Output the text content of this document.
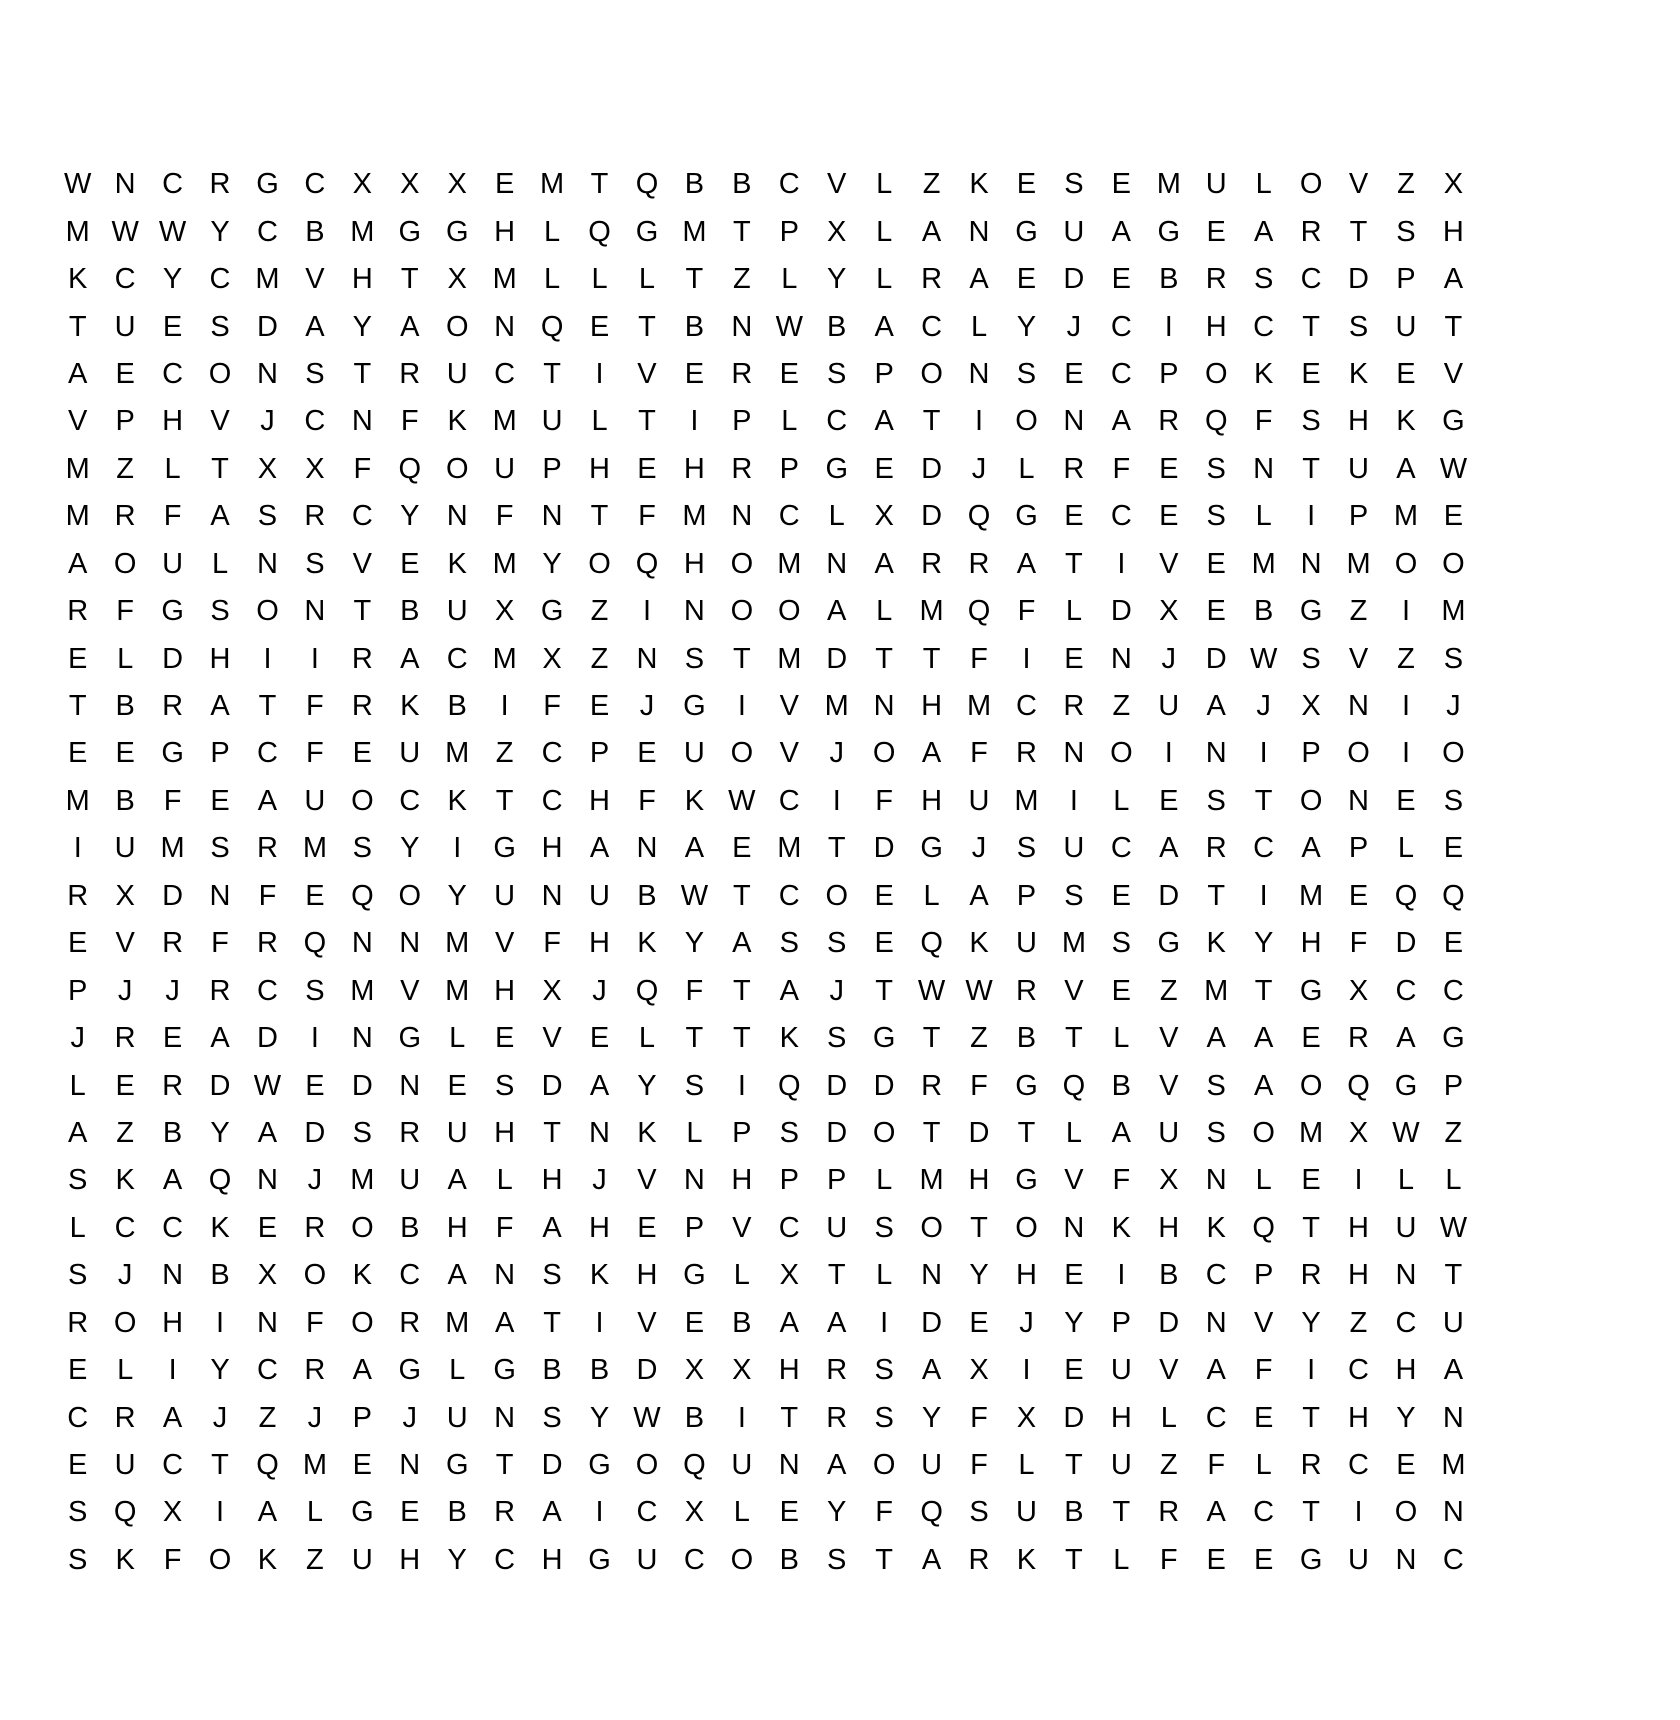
W N C R G C X X X E M T Q B B C V	L	Z K E S E M U L O V Z X
M W W Y C B M G G H L Q G M T P X	L	A N G U A G E A R T S H
K C Y C M V H T X M L	L	L	T	Z	L	Y	L R A E D E B R S C D P A
T U E S D A Y A O N Q E T B N W B A C L	Y	J	C	I	H C T S U T
A E C O N S T R U C T	I	V E R E S P O N S E C P O K E K E V
V P H V	J	C N F K M U L	T	I	P	L C A T	I	O N A R Q F S H K G
M Z	L	T X X F Q O U P H E H R P G E D	J	L R F E S N T U A W
M R F A S R C Y N F N T	F M N C L	X D Q G E C E S	L	I	P M E
A O U L N S V E K M Y O Q H O M N A R R A T	I	V E M N M O O
R F G S O N T B U X G Z	I	N O O A	L M Q F	L D X E B G Z	I	M
E	L D H	I	I	R A C M X Z N S T M D T	T	F	I	E N	J	D W S V Z S
T B R A T	F R K B	I	F E	J G	I	V M N H M C R Z U A	J	X N	I	J
E E G P C F E U M Z C P E U O V	J O A F R N O	I	N	I	P O	I	O
M B F E A U O C K T C H F K W C	I	F H U M	I	L	E S T O N E S
I	U M S R M S Y	I	G H A N A E M T D G J	S U C A R C A P	L	E
R X D N F E Q O Y U N U B W T C O E	L	A P S E D T	I	M E Q Q
E V R F R Q N N M V F H K Y A S S E Q K U M S G K Y H F D E
P	J	J	R C S M V M H X	J Q F	T A	J	T W W R V E Z M T G X C C
J	R E A D	I	N G L	E V E	L	T	T K S G T	Z B T	L	V A A E R A G
L	E R D W E D N E S D A Y S	I	Q D D R F G Q B V S A O Q G P
A Z B Y A D S R U H T N K	L	P S D O T D T	L	A U S O M X W Z
S K A Q N	J M U A	L H	J	V N H P P	L M H G V F X N L	E	I	L	L
L C C K E R O B H F A H E P V C U S O T O N K H K Q T H U W
S	J	N B X O K C A N S K H G L	X T	L N Y H E	I	B C P R H N T
R O H	I	N F O R M A T	I	V E B A A	I	D E	J	Y P D N V Y Z C U
E	L	I	Y C R A G L G B B D X X H R S A X	I	E U V A F	I	C H A
C R A	J	Z	J	P	J	U N S Y W B	I	T R S Y F X D H L C E T H Y N
E U C T Q M E N G T D G O Q U N A O U F	L	T U Z	F	L R C E M
S Q X	I	A	L G E B R A	I	C X	L	E Y F Q S U B T R A C T	I	O N
S K F O K Z U H Y C H G U C O B S T A R K T	L	F E E G U N C
